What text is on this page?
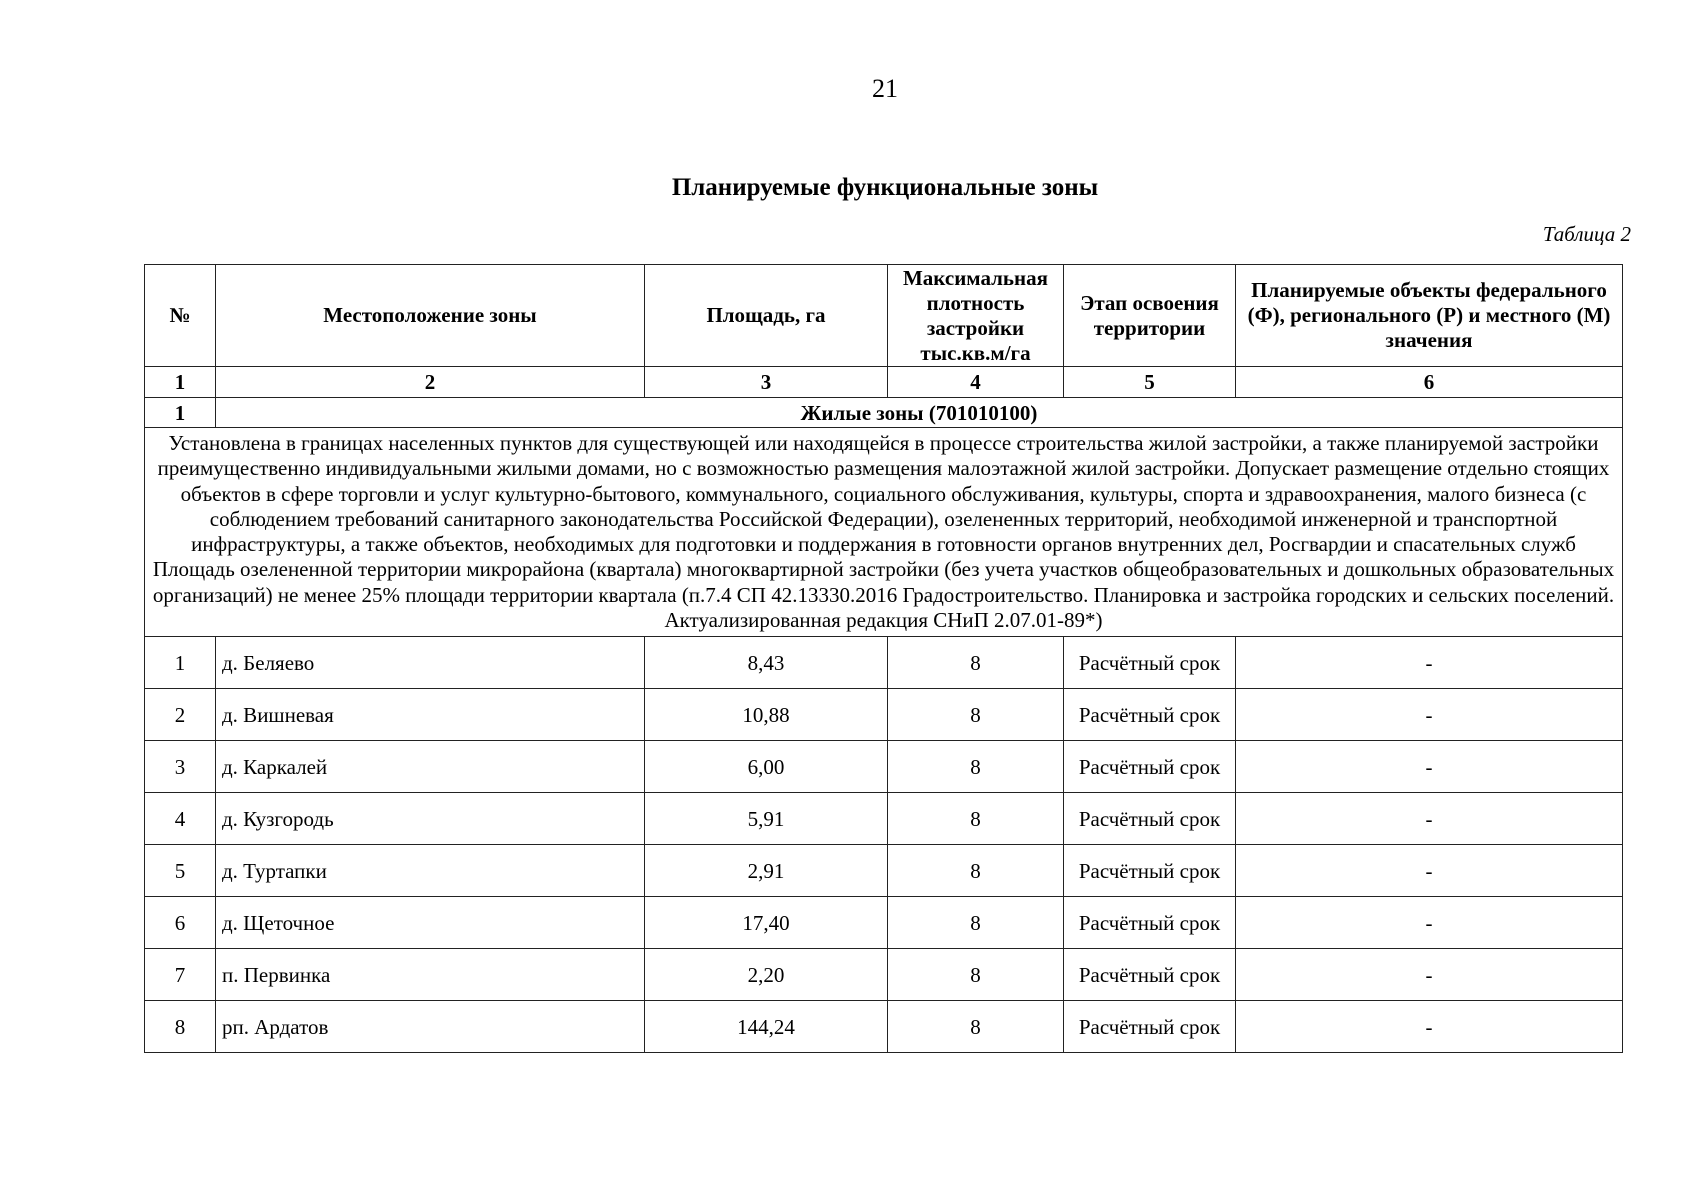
21
Планируемые функциональные зоны
Таблица 2
№	Местоположение зоны	Площадь, га	Максимальная плотность застройки тыс.кв.м/га	Этап освоения территории	Планируемые объекты федерального (Ф), регионального (Р) и местного (М) значения
1	2	3	4	5	6
1	Жилые зоны (701010100)				

Установлена в границах населенных пунктов для существующей или находящейся в процессе строительства жилой застройки, а также планируемой застройки преимущественно индивидуальными жилыми домами, но с возможностью размещения малоэтажной жилой застройки. Допускает размещение отдельно стоящих объектов в сфере торговли и услуг культурно-бытового, коммунального, социального обслуживания, культуры, спорта и здравоохранения, малого бизнеса (с соблюдением требований санитарного законодательства Российской Федерации), озелененных территорий, необходимой инженерной и транспортной инфраструктуры, а также объектов, необходимых для подготовки и поддержания в готовности органов внутренних дел, Росгвардии и спасательных служб
Площадь озелененной территории микрорайона (квартала) многоквартирной застройки (без учета участков общеобразовательных и дошкольных образовательных организаций) не менее 25% площади территории квартала (п.7.4 СП 42.13330.2016 Градостроительство. Планировка и застройка городских и сельских поселений. Актуализированная редакция СНиП 2.07.01-89*)					

1	д. Беляево	8,43	8	Расчётный срок	-
2	д. Вишневая	10,88	8	Расчётный срок	-
3	д. Каркалей	6,00	8	Расчётный срок	-
4	д. Кузгородь	5,91	8	Расчётный срок	-
5	д. Туртапки	2,91	8	Расчётный срок	-
6	д. Щеточное	17,40	8	Расчётный срок	-
7	п. Первинка	2,20	8	Расчётный срок	-
8	рп. Ардатов	144,24	8	Расчётный срок	-
